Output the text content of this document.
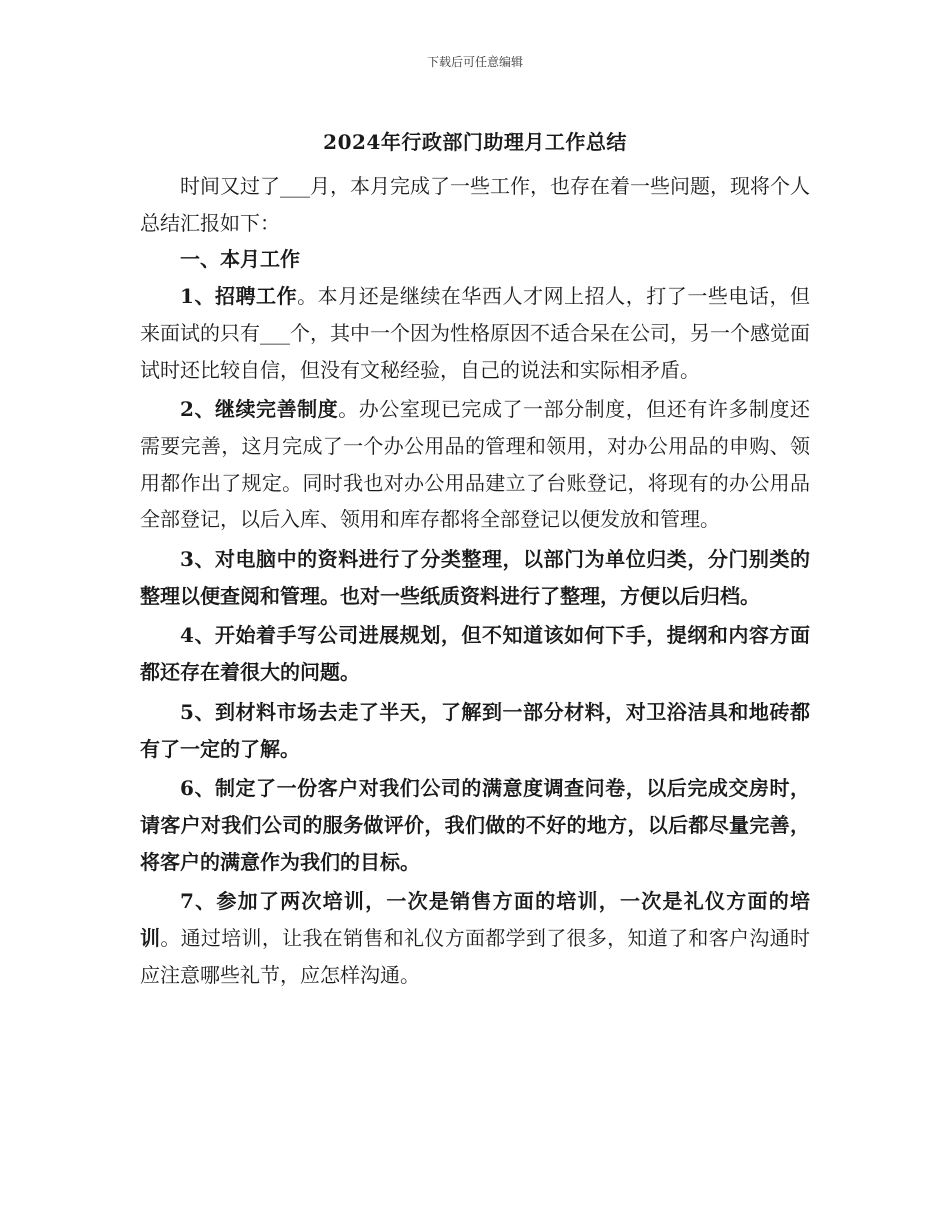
下载后可任意编辑
2024年行政部门助理月工作总结

时间又过了___月，本月完成了一些工作，也存在着一些问题，现将个人总结汇报如下：

一、本月工作

1、招聘工作。本月还是继续在华西人才网上招人，打了一些电话，但来面试的只有___个，其中一个因为性格原因不适合呆在公司，另一个感觉面试时还比较自信，但没有文秘经验，自己的说法和实际相矛盾。

2、继续完善制度。办公室现已完成了一部分制度，但还有许多制度还需要完善，这月完成了一个办公用品的管理和领用，对办公用品的申购、领用都作出了规定。同时我也对办公用品建立了台账登记，将现有的办公用品全部登记，以后入库、领用和库存都将全部登记以便发放和管理。

3、对电脑中的资料进行了分类整理，以部门为单位归类，分门别类的整理以便查阅和管理。也对一些纸质资料进行了整理，方便以后归档。

4、开始着手写公司进展规划，但不知道该如何下手，提纲和内容方面都还存在着很大的问题。

5、到材料市场去走了半天，了解到一部分材料，对卫浴洁具和地砖都有了一定的了解。

6、制定了一份客户对我们公司的满意度调查问卷，以后完成交房时，请客户对我们公司的服务做评价，我们做的不好的地方，以后都尽量完善，将客户的满意作为我们的目标。

7、参加了两次培训，一次是销售方面的培训，一次是礼仪方面的培训。通过培训，让我在销售和礼仪方面都学到了很多，知道了和客户沟通时应注意哪些礼节，应怎样沟通。
